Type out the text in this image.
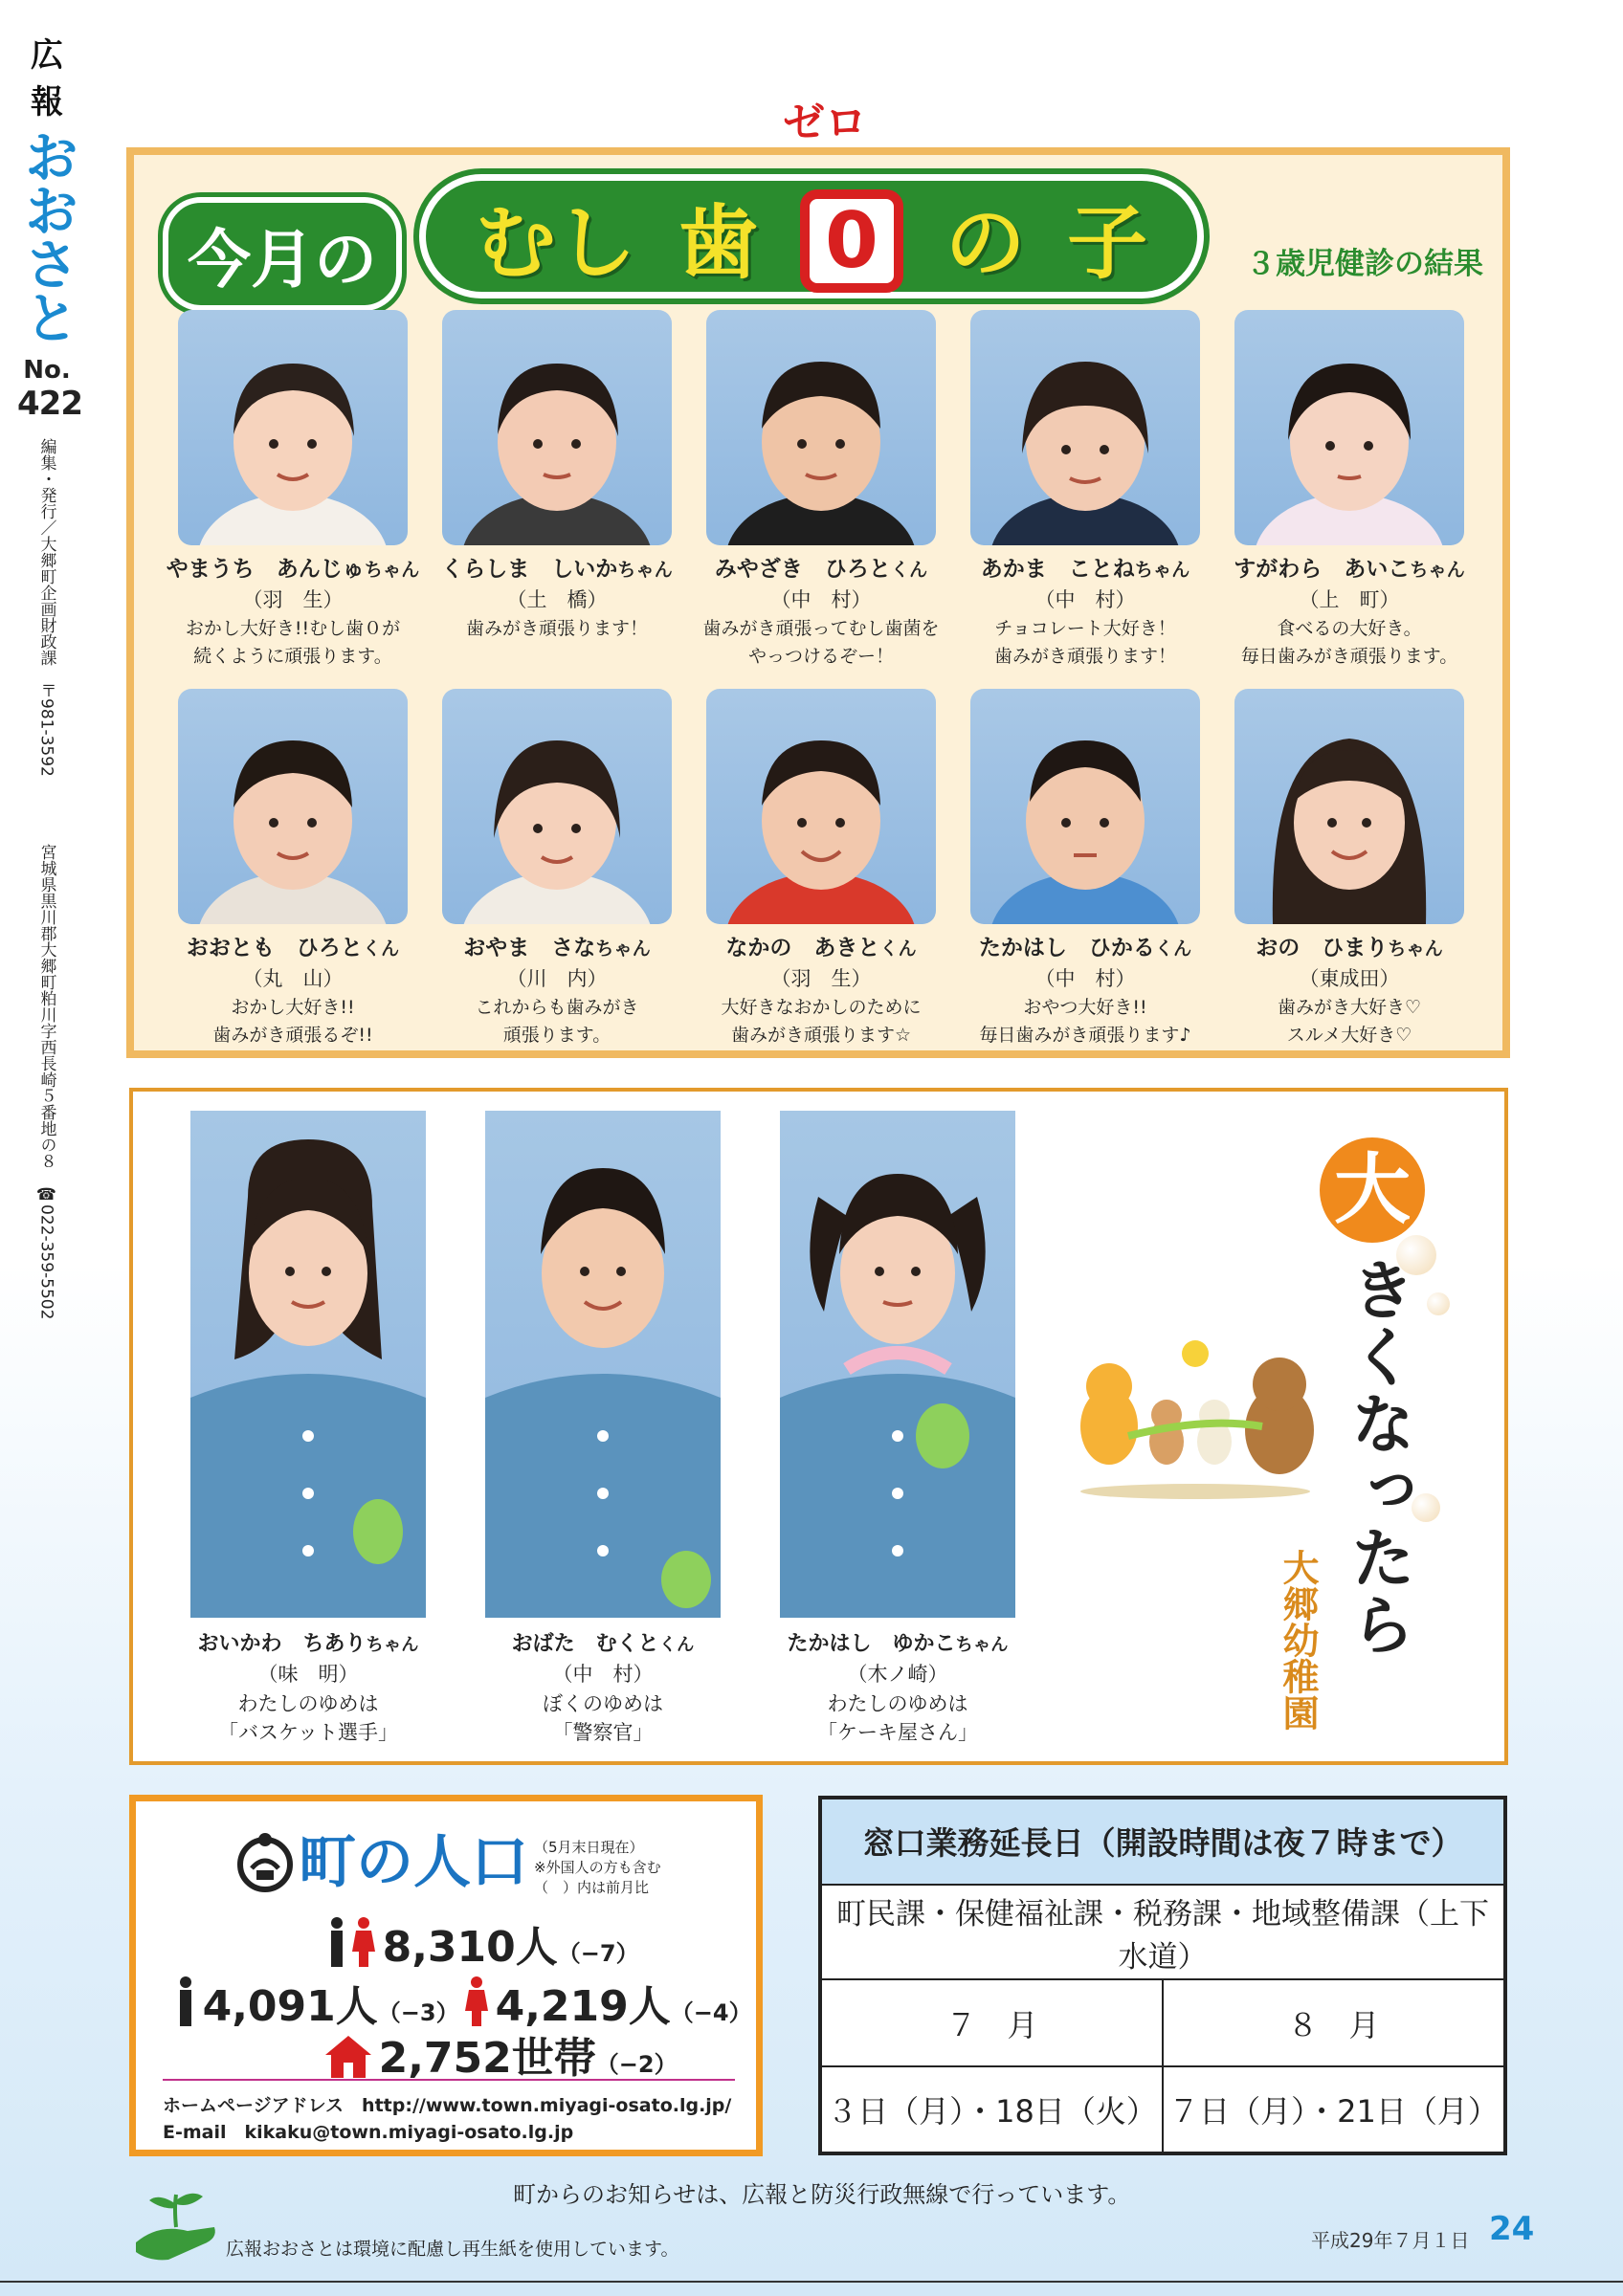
広報
おおさと
No.
422
編集・発行／大郷町企画財政課　〒981-3592
宮城県黒川郡大郷町粕川字西長崎５番地の８　☎022-359-5502
今月の
ゼロ
むし 歯 0 の 子	３歳児健診の結果
やまうち　あんじゅちゃん
（羽　生）
おかし大好き!!むし歯０が
続くように頑張ります。
くらしま　しいかちゃん
（土　橋）
歯みがき頑張ります！
みやざき　ひろとくん
（中　村）
歯みがき頑張ってむし歯菌を
やっつけるぞー！
あかま　ことねちゃん
（中　村）
チョコレート大好き！
歯みがき頑張ります！
すがわら　あいこちゃん
（上　町）
食べるの大好き。
毎日歯みがき頑張ります。
おおとも　ひろとくん
（丸　山）
おかし大好き!!
歯みがき頑張るぞ!!
おやま　さなちゃん
（川　内）
これからも歯みがき
頑張ります。
なかの　あきとくん
（羽　生）
大好きなおかしのために
歯みがき頑張ります☆
たかはし　ひかるくん
（中　村）
おやつ大好き!!
毎日歯みがき頑張ります♪
おの　ひまりちゃん
（東成田）
歯みがき大好き♡
スルメ大好き♡
おいかわ　ちありちゃん
（味　明）
わたしのゆめは
「バスケット選手」
おばた　むくとくん
（中　村）
ぼくのゆめは
「警察官」
たかはし　ゆかこちゃん
（木ノ崎）
わたしのゆめは
「ケーキ屋さん」
大
きくなったら
大郷幼稚園
町の人口 （5月末日現在）
※外国人の方も含む
（　）内は前月比
8,310人（−7）
4,091人（−3） 4,219人（−4）
2,752世帯（−2）
ホームページアドレス　http://www.town.miyagi-osato.lg.jp/
E-mail　kikaku@town.miyagi-osato.lg.jp
窓口業務延長日（開設時間は夜７時まで）	
町民課・保健福祉課・税務課・地域整備課（上下水道）	
７　月	８　月
３日（月）・18日（火）	７日（月）・21日（月）
町からのお知らせは、広報と防災行政無線で行っています。
広報おおさとは環境に配慮し再生紙を使用しています。	平成29年７月１日 24
